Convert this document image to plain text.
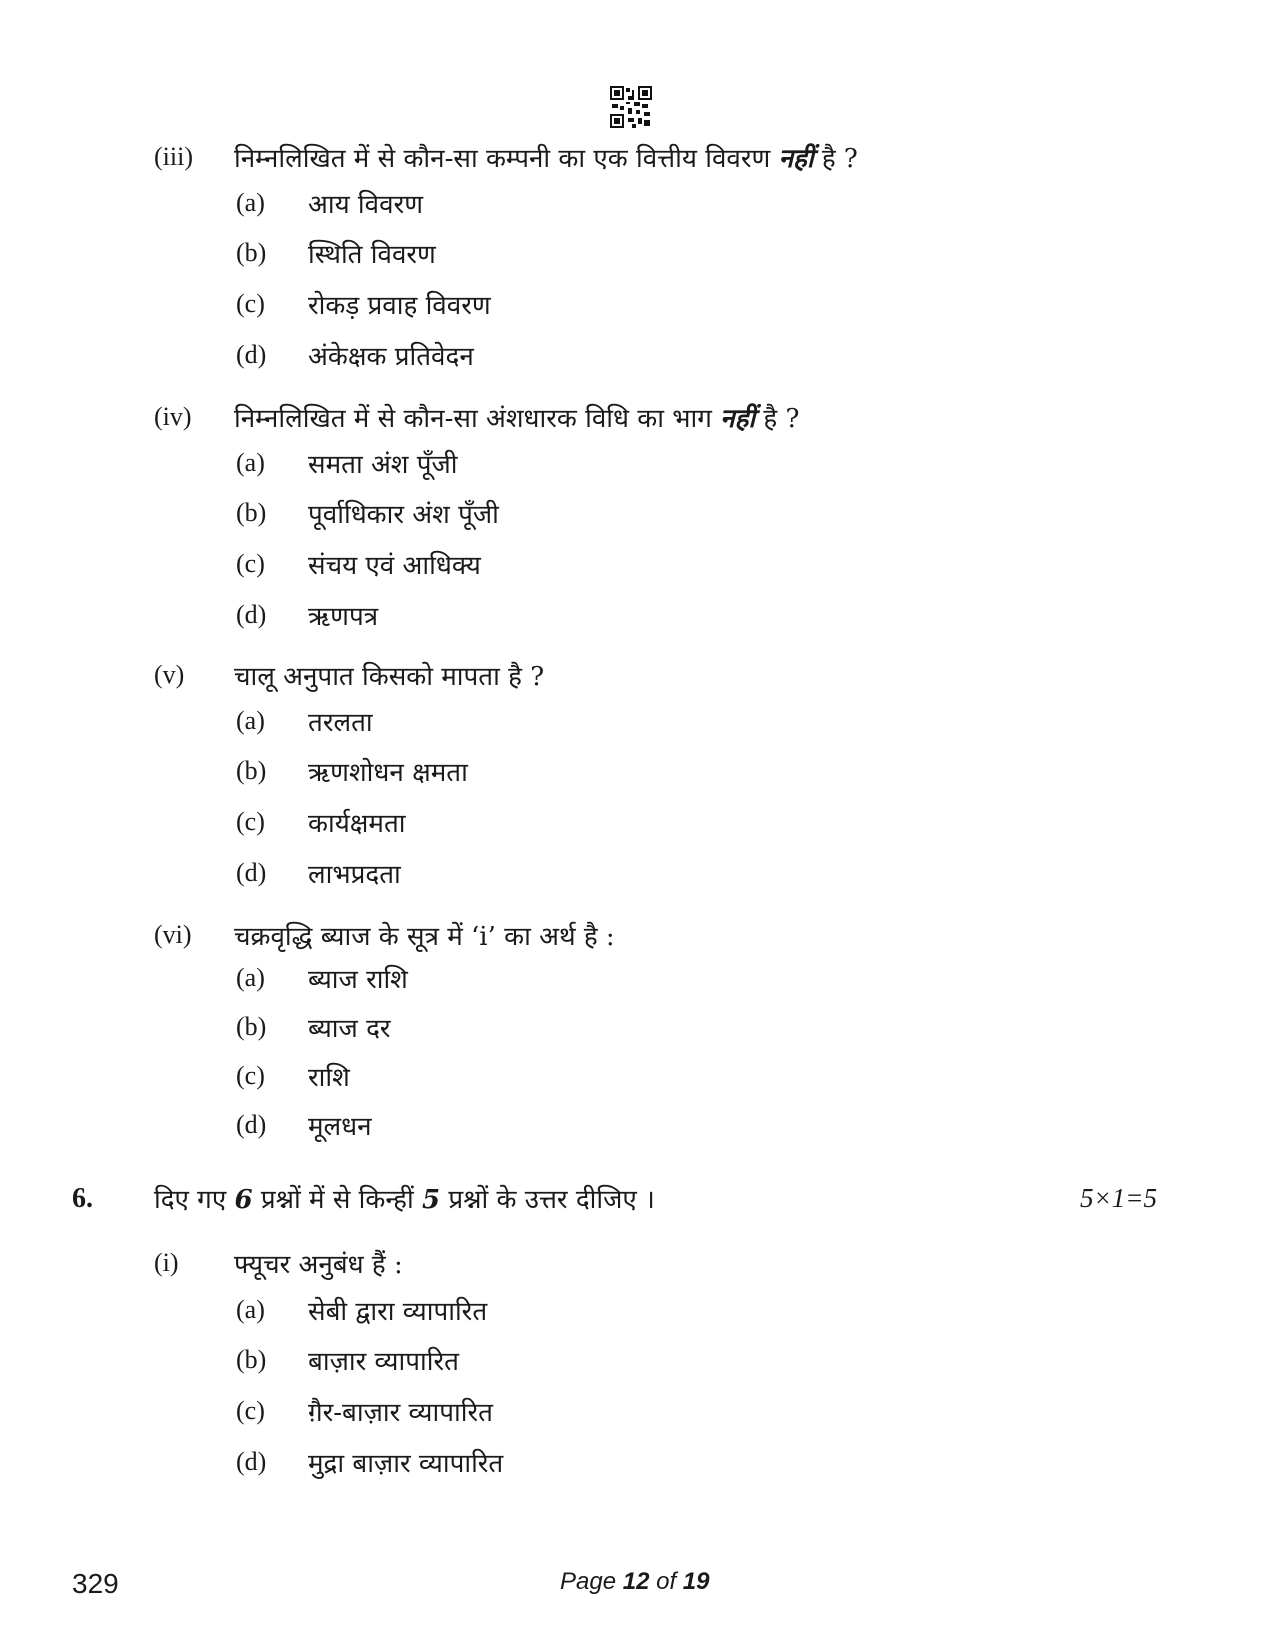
(iii) निम्नलिखित में से कौन-सा कम्पनी का एक वित्तीय विवरण नहीं है ?
(a) आय विवरण
(b) स्थिति विवरण
(c) रोकड़ प्रवाह विवरण
(d) अंकेक्षक प्रतिवेदन
(iv) निम्नलिखित में से कौन-सा अंशधारक विधि का भाग नहीं है ?
(a) समता अंश पूँजी
(b) पूर्वाधिकार अंश पूँजी
(c) संचय एवं आधिक्य
(d) ऋणपत्र
(v) चालू अनुपात किसको मापता है ?
(a) तरलता
(b) ऋणशोधन क्षमता
(c) कार्यक्षमता
(d) लाभप्रदता
(vi) चक्रवृद्धि ब्याज के सूत्र में ‘i’ का अर्थ है :
(a) ब्याज राशि
(b) ब्याज दर
(c) राशि
(d) मूलधन
6. दिए गए 6 प्रश्नों में से किन्हीं 5 प्रश्नों के उत्तर दीजिए ।	5×1=5
(i) फ्यूचर अनुबंध हैं :
(a) सेबी द्वारा व्यापारित
(b) बाज़ार व्यापारित
(c) ग़ैर-बाज़ार व्यापारित
(d) मुद्रा बाज़ार व्यापारित
329	Page 12 of 19
